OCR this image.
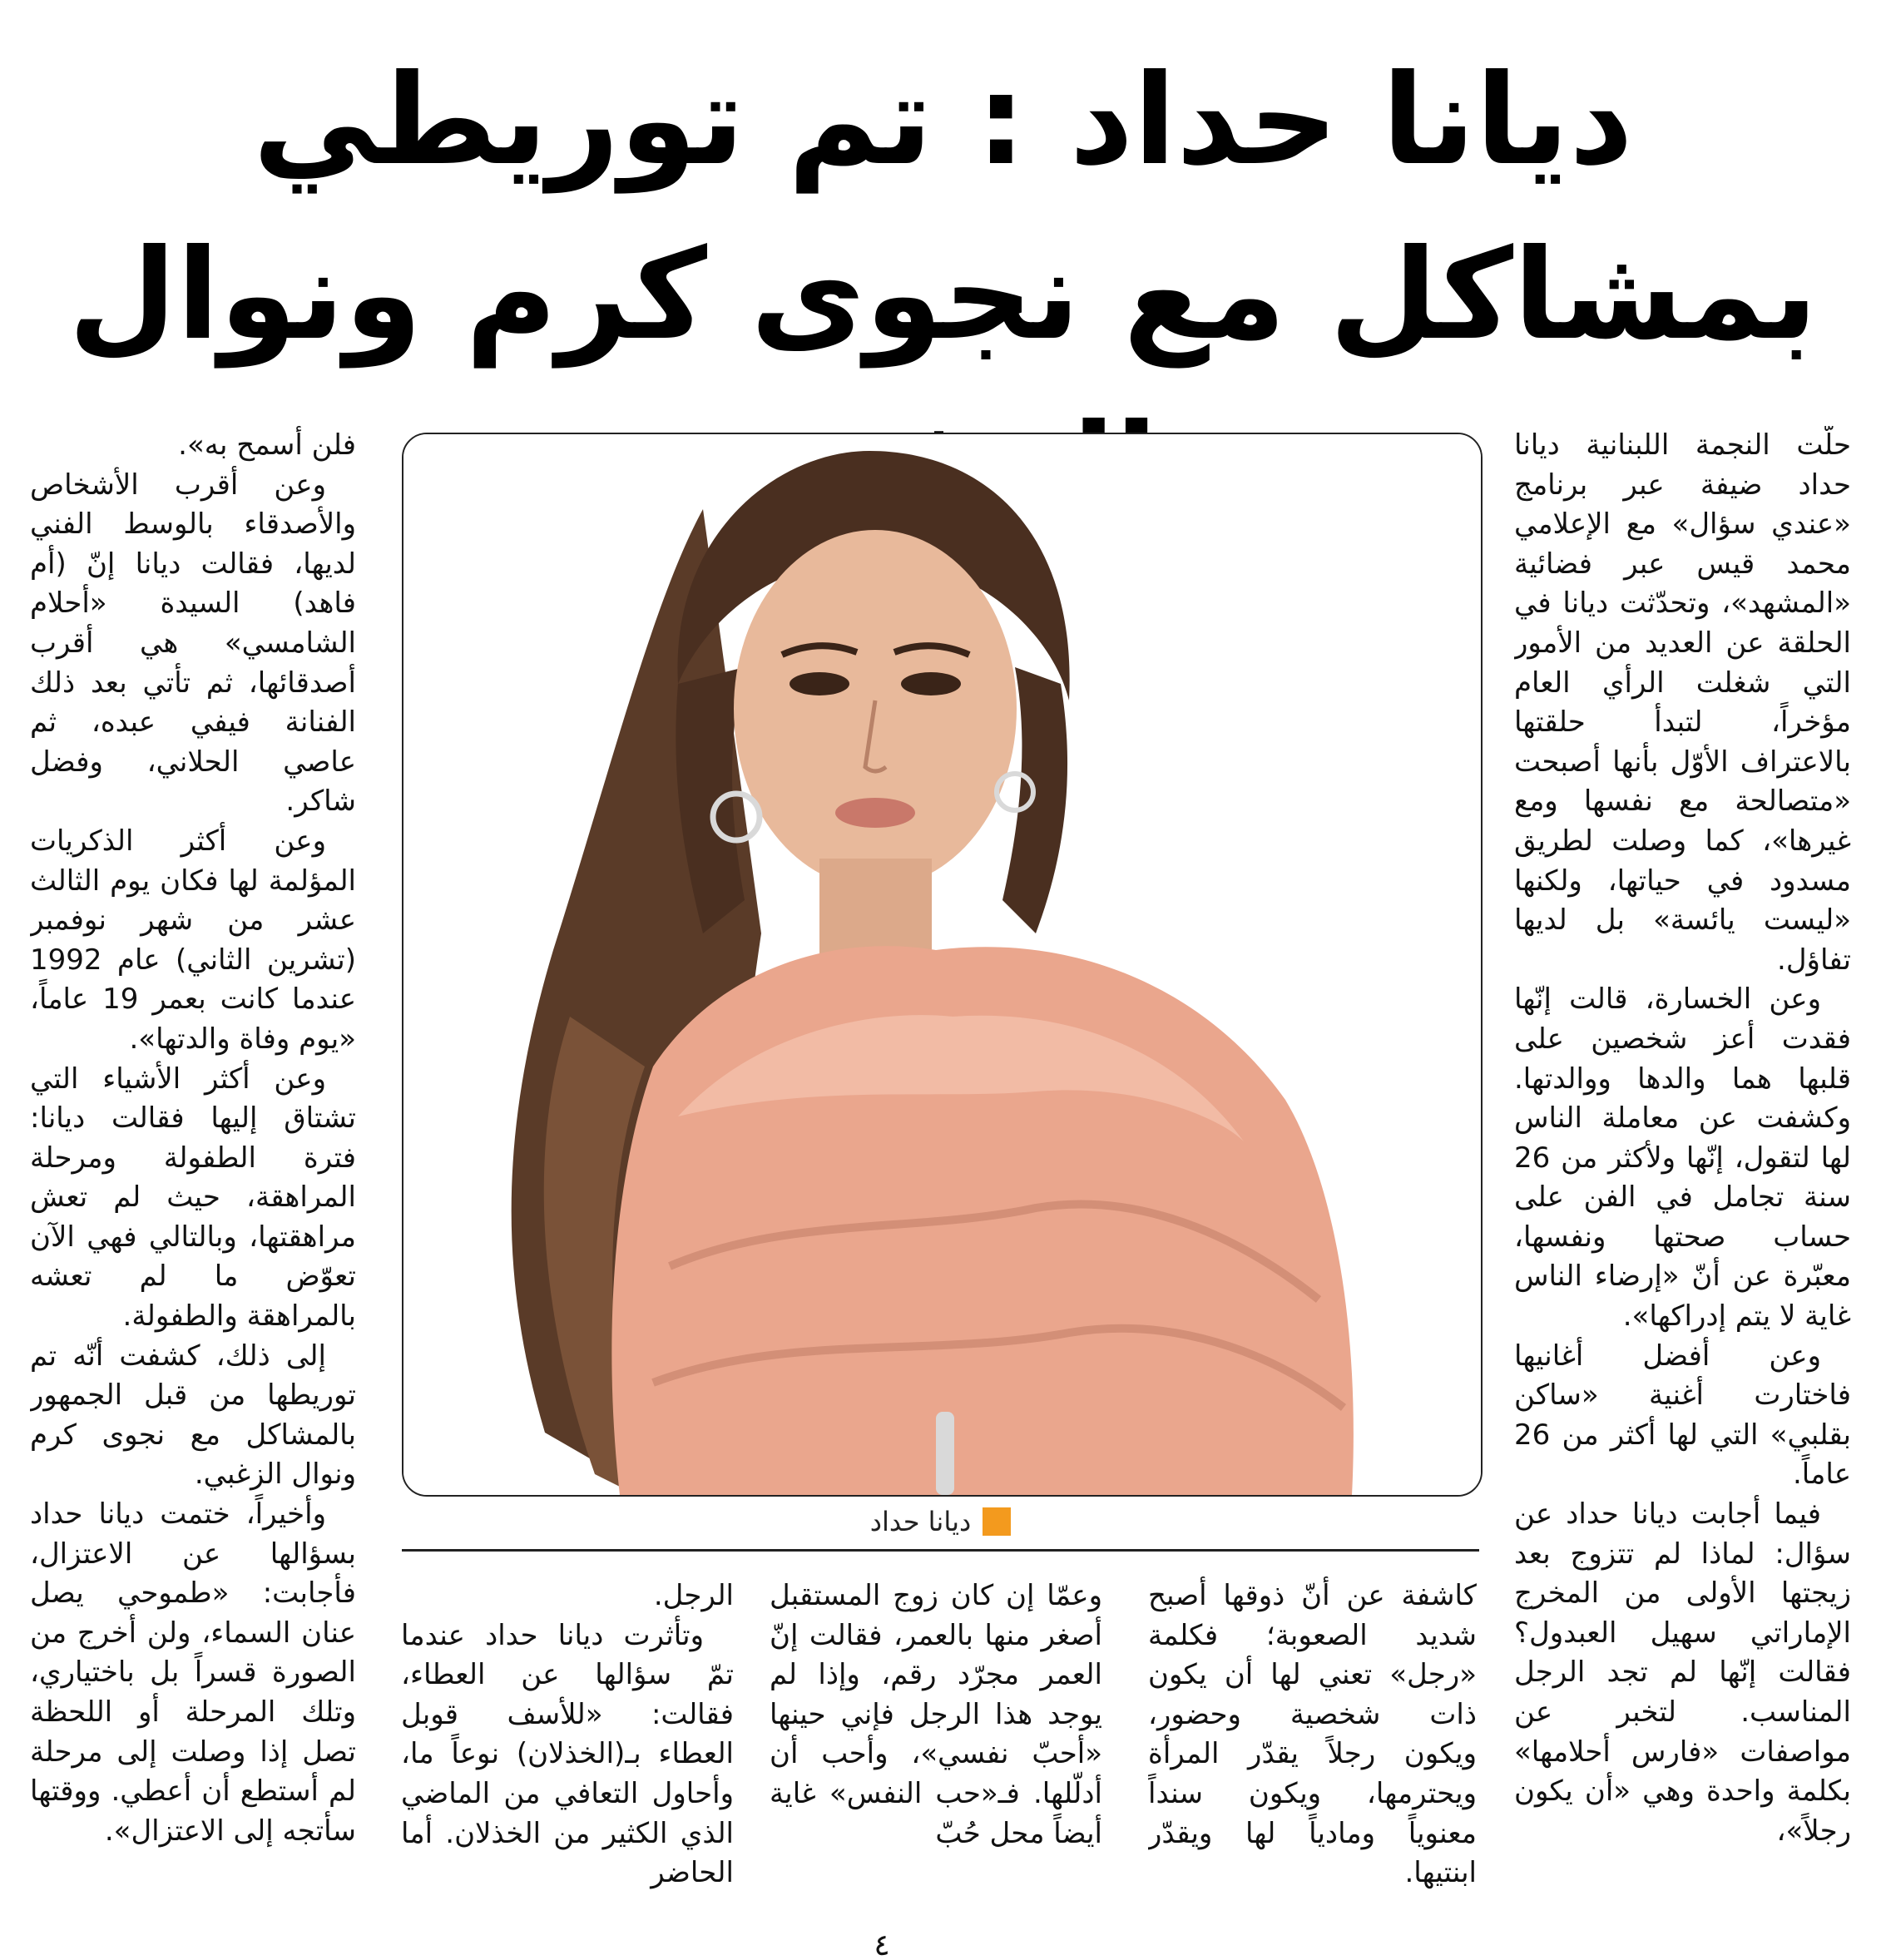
ديانا حداد : تم توريطي بمشاكل مع نجوى كرم ونوال

حلّت النجمة اللبنانية ديانا حداد ضيفة عبر برنامج «عندي سؤال» مع الإعلامي محمد قيس عبر فضائية «المشهد»، وتحدّثت ديانا في الحلقة عن العديد من الأمور التي شغلت الرأي العام مؤخراً، لتبدأ حلقتها بالاعتراف الأوّل بأنها أصبحت «متصالحة مع نفسها ومع غيرها»، كما وصلت لطريق مسدود في حياتها، ولكنها «ليست يائسة» بل لديها تفاؤل.

وعن الخسارة، قالت إنّها فقدت أعز شخصين على قلبها هما والدها ووالدتها. وكشفت عن معاملة الناس لها لتقول، إنّها ولأكثر من 26 سنة تجامل في الفن على حساب صحتها ونفسها، معبّرة عن أنّ «إرضاء الناس غاية لا يتم إدراكها».

وعن أفضل أغانيها فاختارت أغنية «ساكن بقلبي» التي لها أكثر من 26 عاماً.

فيما أجابت ديانا حداد عن سؤال: لماذا لم تتزوج بعد زيجتها الأولى من المخرج الإماراتي سهيل العبدول؟ فقالت إنّها لم تجد الرجل المناسب. لتخبر عن مواصفات «فارس أحلامها» بكلمة واحدة وهي «أن يكون رجلاً»،

ديانا حداد

كاشفة عن أنّ ذوقها أصبح شديد الصعوبة؛ فكلمة «رجل» تعني لها أن يكون ذات شخصية وحضور، ويكون رجلاً يقدّر المرأة ويحترمها، ويكون سنداً معنوياً ومادياً لها ويقدّر ابنتيها.

وعمّا إن كان زوج المستقبل أصغر منها بالعمر، فقالت إنّ العمر مجرّد رقم، وإذا لم يوجد هذا الرجل فإني حينها «أحبّ نفسي»، وأحب أن أدلّلها. فـ«حب النفس» غاية أيضاً محل حُبّ

الرجل.

وتأثرت ديانا حداد عندما تمّ سؤالها عن العطاء، فقالت: «للأسف قوبل العطاء بـ(الخذلان) نوعاً ما، وأحاول التعافي من الماضي الذي الكثير من الخذلان. أما الحاضر

فلن أسمح به».

وعن أقرب الأشخاص والأصدقاء بالوسط الفني لديها، فقالت ديانا إنّ (أم فاهد) السيدة «أحلام الشامسي» هي أقرب أصدقائها، ثم تأتي بعد ذلك الفنانة فيفي عبده، ثم عاصي الحلاني، وفضل شاكر.

وعن أكثر الذكريات المؤلمة لها فكان يوم الثالث عشر من شهر نوفمبر (تشرين الثاني) عام 1992 عندما كانت بعمر 19 عاماً، «يوم وفاة والدتها».

وعن أكثر الأشياء التي تشتاق إليها فقالت ديانا: فترة الطفولة ومرحلة المراهقة، حيث لم تعش مراهقتها، وبالتالي فهي الآن تعوّض ما لم تعشه بالمراهقة والطفولة.

إلى ذلك، كشفت أنّه تم توريطها من قبل الجمهور بالمشاكل مع نجوى كرم ونوال الزغبي.

وأخيراً، ختمت ديانا حداد بسؤالها عن الاعتزال، فأجابت: «طموحي يصل عنان السماء، ولن أخرج من الصورة قسراً بل باختياري، وتلك المرحلة أو اللحظة تصل إذا وصلت إلى مرحلة لم أستطع أن أعطي. ووقتها سأتجه إلى الاعتزال».

٤
